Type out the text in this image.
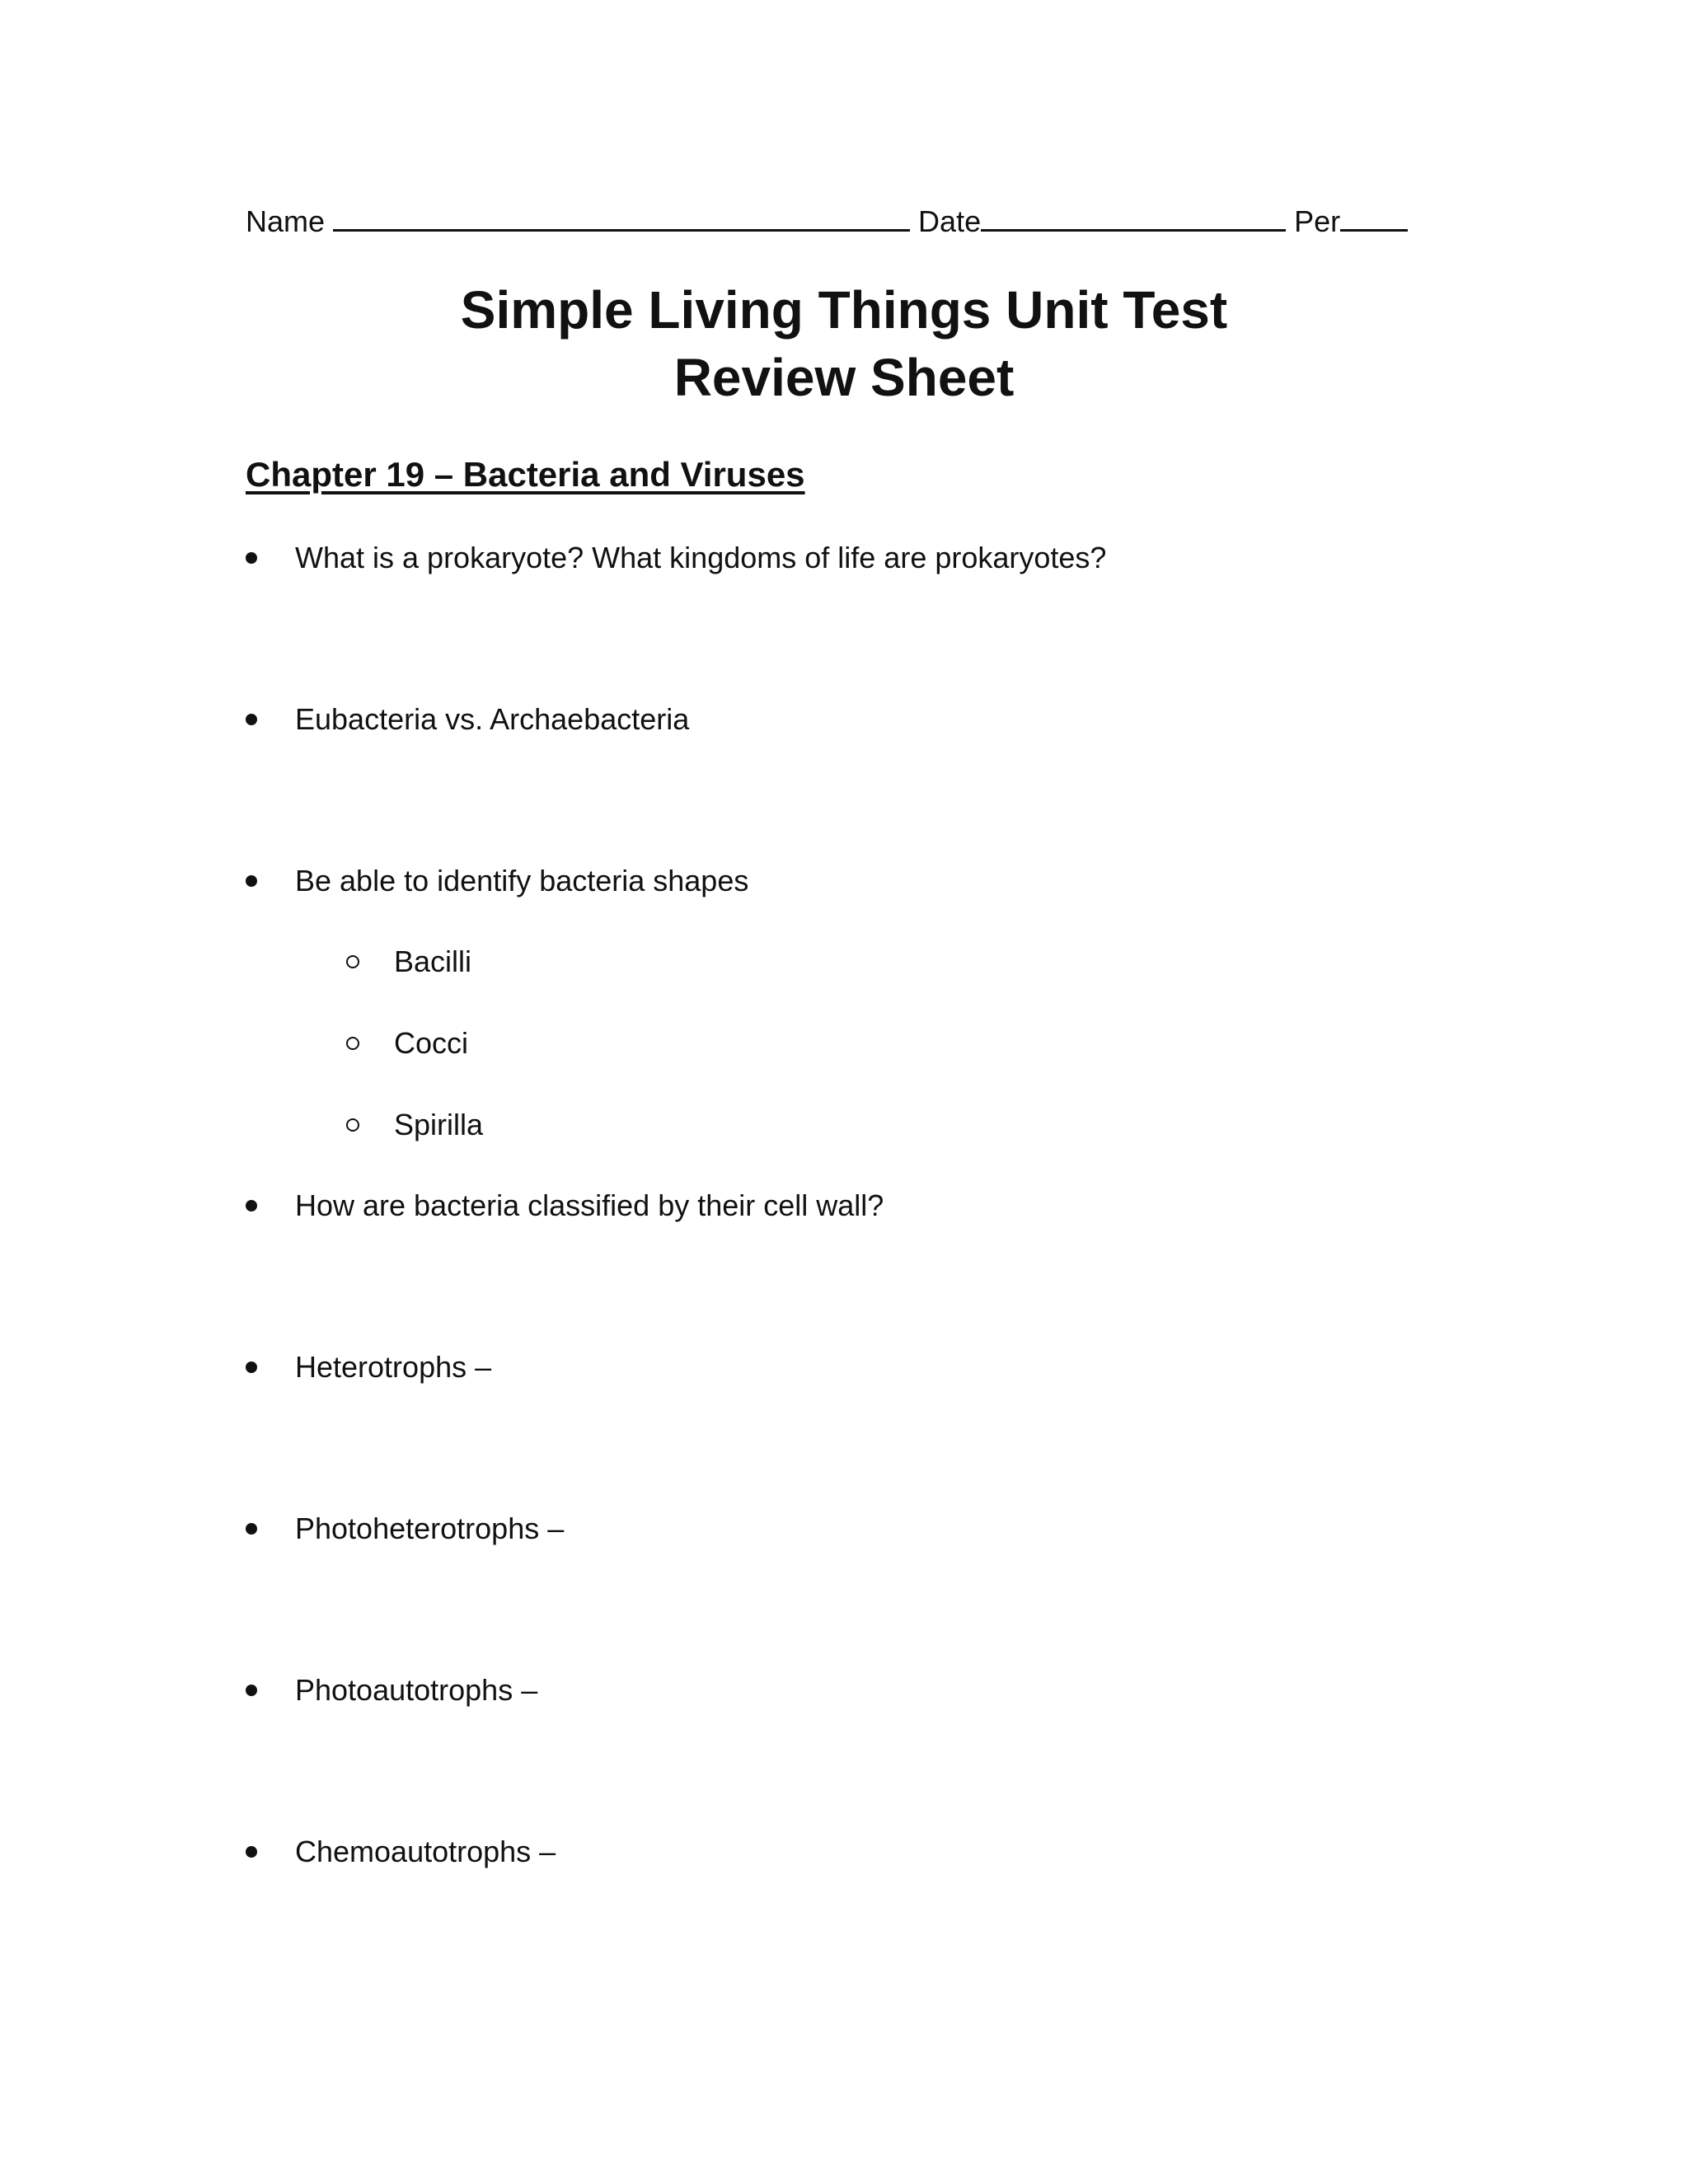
Name	Date	Per
Simple Living Things Unit Test
Review Sheet
Chapter 19 – Bacteria and Viruses
What is a prokaryote? What kingdoms of life are prokaryotes?
Eubacteria vs. Archaebacteria
Be able to identify bacteria shapes
Bacilli
Cocci
Spirilla
How are bacteria classified by their cell wall?
Heterotrophs –
Photoheterotrophs –
Photoautotrophs –
Chemoautotrophs –
